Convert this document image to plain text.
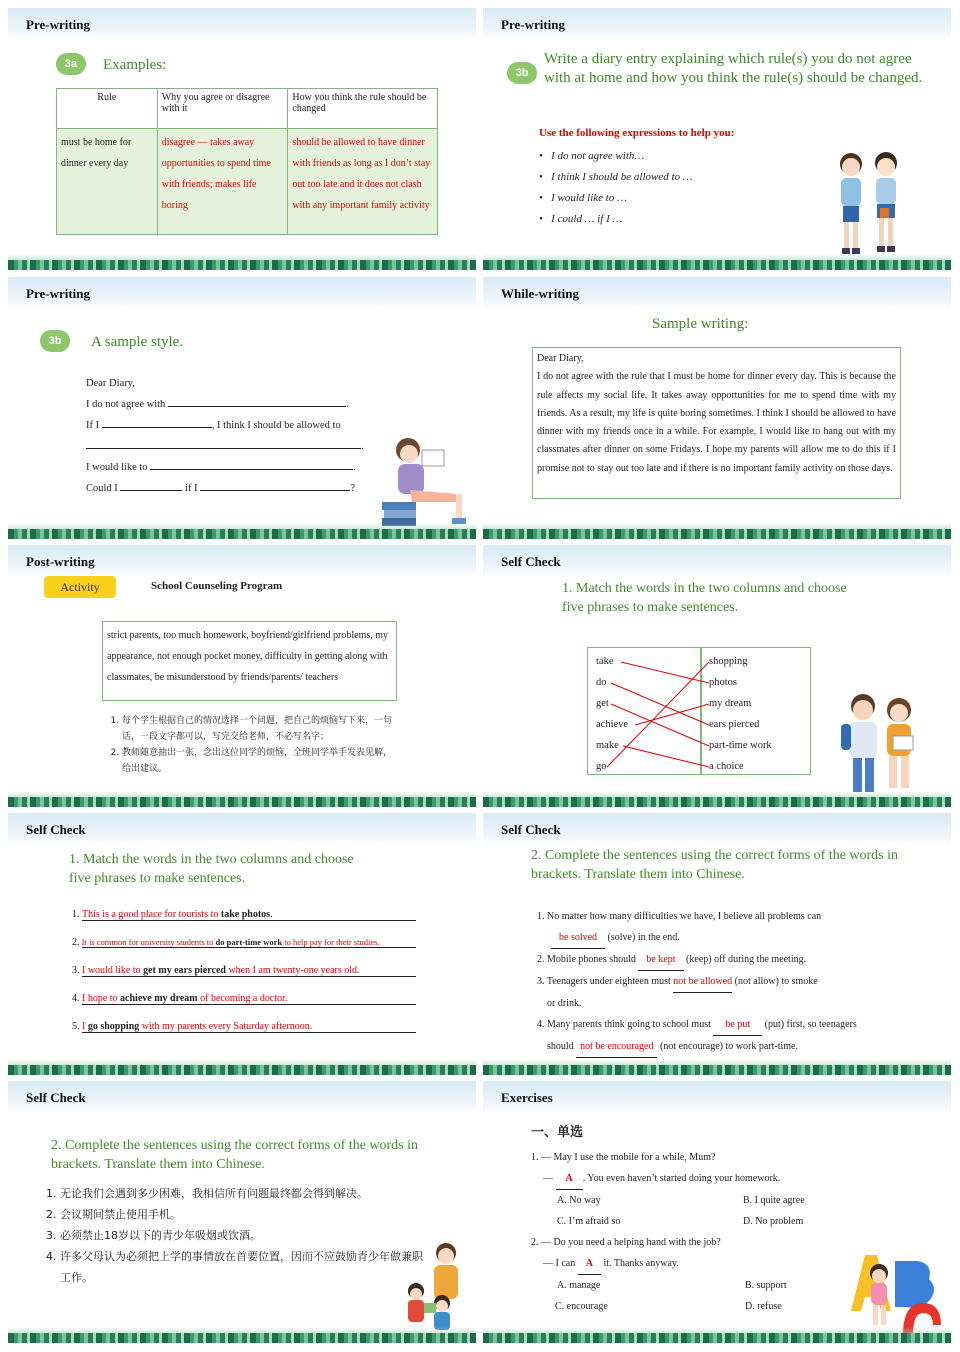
Pre-writing
3a	Examples:
Rule	Why you agree or disagree with it	How you think the rule should be changed
must be home for dinner every day	disagree — takes away opportunities to spend time with friends; makes life boring	should be allowed to have dinner with friends as long as I don’t stay out too late and it does not clash with any important family activity
Pre-writing
3b
Write a diary entry explaining which rule(s) you do not agree with at home and how you think the rule(s) should be changed.
Use the following expressions to help you:
•   I do not agree with…
•   I think I should be allowed to …
•   I would like to …
•   I could … if I …
Pre-writing
3b	A sample style.
Dear Diary,
I do not agree with	.
If I	, I think I should be allowed to
.
I would like to	.
Could I	if I	?
While-writing
Sample writing:
Dear Diary,
I do not agree with the rule that I must be home for dinner every day. This is because the rule affects my social life. It takes away opportunities for me to spend time with my friends. As a result, my life is quite boring sometimes. I think I should be allowed to have dinner with my friends once in a while. For example, I would like to hang out with my classmates after dinner on some Fridays. I hope my parents will allow me to do this if I promise not to stay out too late and if there is no important family activity on those days.
Post-writing
Activity	School Counseling Program
strict parents, too much homework, boyfriend/girlfriend problems, my appearance, not enough pocket money, difficulty in getting along with classmates, be misunderstood by friends/parents/ teachers
1. 每个学生根据自己的情况选择一个问题，把自己的烦恼写下来，一句话，一段文字都可以，写完交给老师，不必写名字；
2. 教师随意抽出一张，念出这位同学的烦恼，全班同学举手发表见解，给出建议。
Self Check
1. Match the words in the two columns and choose five phrases to make sentences.
take
do
get
achieve
make
go
shopping
photos
my dream
ears pierced
part-time work
a choice
Self Check
1. Match the words in the two columns and choose five phrases to make sentences.
1. This is a good place for tourists to take photos.
2. It is common for university students to do part-time work to help pay for their studies.
3. I would like to get my ears pierced when I am twenty-one years old.
4. I hope to achieve my dream of becoming a doctor.
5. I go shopping with my parents every Saturday afternoon.
Self Check
2. Complete the sentences using the correct forms of the words in brackets. Translate them into Chinese.
1. No matter how many difficulties we have, I believe all problems can
be solved (solve) in the end.
2. Mobile phones should be kept (keep) off during the meeting.
3. Teenagers under eighteen must not be allowed (not allow) to smoke
or drink.
4. Many parents think going to school must be put (put) first, so teenagers
should not be encouraged (not encourage) to work part-time.
Self Check
2. Complete the sentences using the correct forms of the words in brackets. Translate them into Chinese.
1. 无论我们会遇到多少困难，我相信所有问题最终都会得到解决。
2. 会议期间禁止使用手机。
3. 必须禁止18岁以下的青少年吸烟或饮酒。
4. 许多父母认为必须把上学的事情放在首要位置，因而不应鼓励青少年做兼职工作。
Exercises
一、单选
1. — May I use the mobile for a while, Mum?
— A . You even haven’t started doing your homework.
A. No way	B. I quite agree
C. I’m afraid so	D. No problem
2. — Do you need a helping hand with the job?
— I can A it. Thanks anyway.
A. manage	B. support
C. encourage	D. refuse
